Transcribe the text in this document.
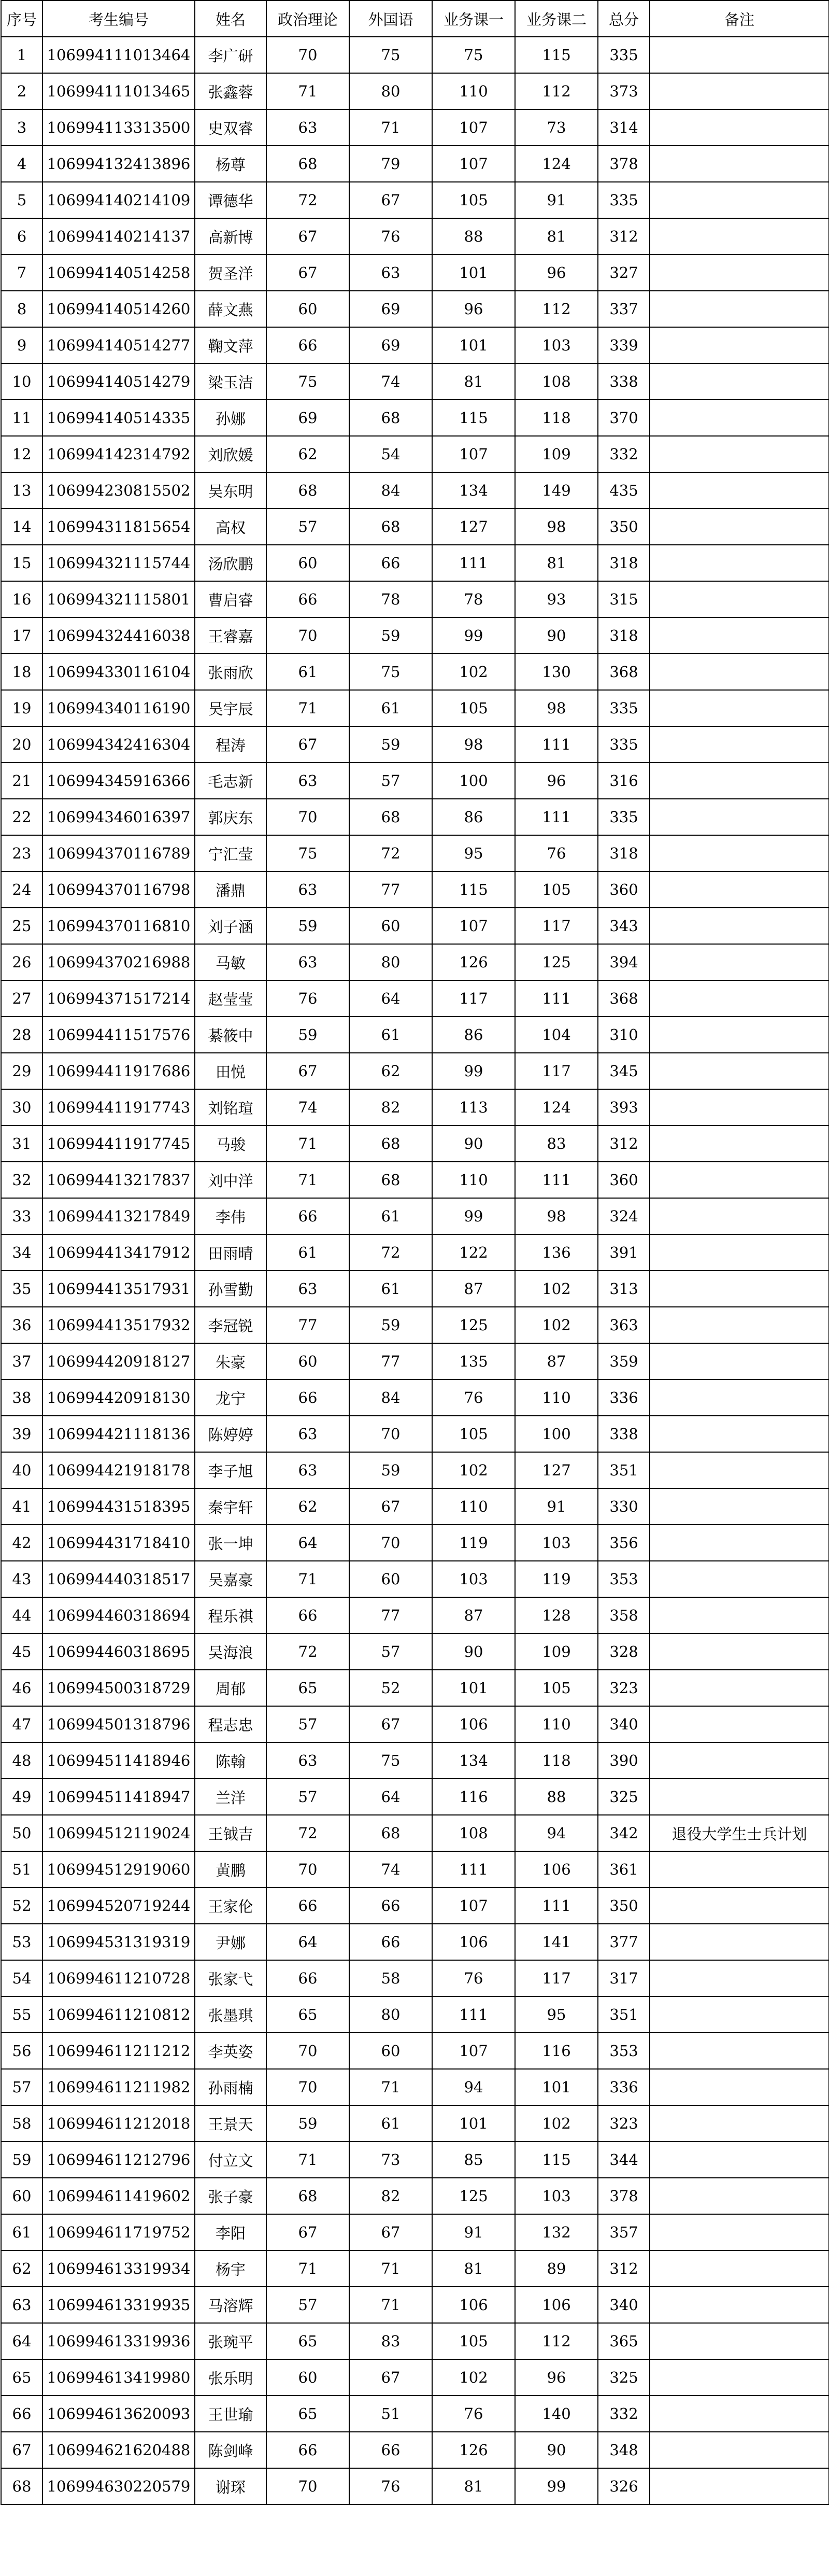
序号	考生编号	姓名	政治理论	外国语	业务课一	业务课二	总分	备注
1	106994111013464	李广研	70	75	75	115	335	
2	106994111013465	张鑫蓉	71	80	110	112	373	
3	106994113313500	史双睿	63	71	107	73	314	
4	106994132413896	杨尊	68	79	107	124	378	
5	106994140214109	谭德华	72	67	105	91	335	
6	106994140214137	高新博	67	76	88	81	312	
7	106994140514258	贺圣洋	67	63	101	96	327	
8	106994140514260	薛文燕	60	69	96	112	337	
9	106994140514277	鞠文萍	66	69	101	103	339	
10	106994140514279	梁玉洁	75	74	81	108	338	
11	106994140514335	孙娜	69	68	115	118	370	
12	106994142314792	刘欣媛	62	54	107	109	332	
13	106994230815502	吴东明	68	84	134	149	435	
14	106994311815654	高权	57	68	127	98	350	
15	106994321115744	汤欣鹏	60	66	111	81	318	
16	106994321115801	曹启睿	66	78	78	93	315	
17	106994324416038	王睿嘉	70	59	99	90	318	
18	106994330116104	张雨欣	61	75	102	130	368	
19	106994340116190	吴宇辰	71	61	105	98	335	
20	106994342416304	程涛	67	59	98	111	335	
21	106994345916366	毛志新	63	57	100	96	316	
22	106994346016397	郭庆东	70	68	86	111	335	
23	106994370116789	宁汇莹	75	72	95	76	318	
24	106994370116798	潘鼎	63	77	115	105	360	
25	106994370116810	刘子涵	59	60	107	117	343	
26	106994370216988	马敏	63	80	126	125	394	
27	106994371517214	赵莹莹	76	64	117	111	368	
28	106994411517576	綦筱中	59	61	86	104	310	
29	106994411917686	田悦	67	62	99	117	345	
30	106994411917743	刘铭瑄	74	82	113	124	393	
31	106994411917745	马骏	71	68	90	83	312	
32	106994413217837	刘中洋	71	68	110	111	360	
33	106994413217849	李伟	66	61	99	98	324	
34	106994413417912	田雨晴	61	72	122	136	391	
35	106994413517931	孙雪勤	63	61	87	102	313	
36	106994413517932	李冠锐	77	59	125	102	363	
37	106994420918127	朱豪	60	77	135	87	359	
38	106994420918130	龙宁	66	84	76	110	336	
39	106994421118136	陈婷婷	63	70	105	100	338	
40	106994421918178	李子旭	63	59	102	127	351	
41	106994431518395	秦宇轩	62	67	110	91	330	
42	106994431718410	张一坤	64	70	119	103	356	
43	106994440318517	吴嘉豪	71	60	103	119	353	
44	106994460318694	程乐祺	66	77	87	128	358	
45	106994460318695	吴海浪	72	57	90	109	328	
46	106994500318729	周郁	65	52	101	105	323	
47	106994501318796	程志忠	57	67	106	110	340	
48	106994511418946	陈翰	63	75	134	118	390	
49	106994511418947	兰洋	57	64	116	88	325	
50	106994512119024	王钺吉	72	68	108	94	342	退役大学生士兵计划
51	106994512919060	黄鹏	70	74	111	106	361	
52	106994520719244	王家伦	66	66	107	111	350	
53	106994531319319	尹娜	64	66	106	141	377	
54	106994611210728	张家弋	66	58	76	117	317	
55	106994611210812	张墨琪	65	80	111	95	351	
56	106994611211212	李英姿	70	60	107	116	353	
57	106994611211982	孙雨楠	70	71	94	101	336	
58	106994611212018	王景天	59	61	101	102	323	
59	106994611212796	付立文	71	73	85	115	344	
60	106994611419602	张子豪	68	82	125	103	378	
61	106994611719752	李阳	67	67	91	132	357	
62	106994613319934	杨宇	71	71	81	89	312	
63	106994613319935	马溶辉	57	71	106	106	340	
64	106994613319936	张琬平	65	83	105	112	365	
65	106994613419980	张乐明	60	67	102	96	325	
66	106994613620093	王世瑜	65	51	76	140	332	
67	106994621620488	陈剑峰	66	66	126	90	348	
68	106994630220579	谢琛	70	76	81	99	326	
